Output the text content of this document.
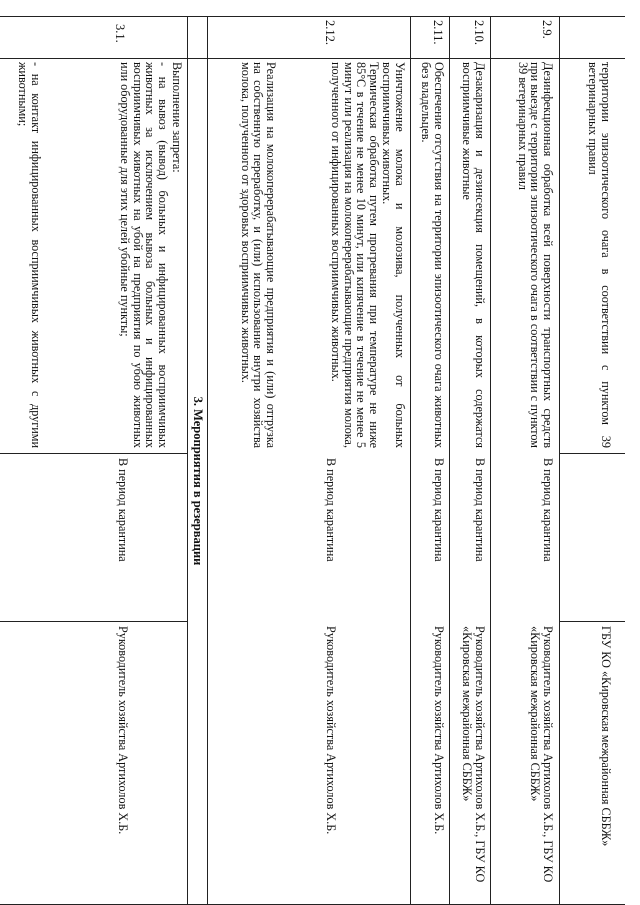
территории эпизоотического очага в соответствии с пунктом 39 ветеринарных правил
ГБУ КО «Кировская межрайонная СББЖ»
2.9.
Дезинфекционная обработка всей поверхности транспортных средств при выезде с территории эпизоотического очага в соответствии с пунктом 39 ветеринарных правил
В период карантина
Руководитель хозяйства Артихолов Х.Б., ГБУ КО «Кировская межрайонная СББЖ»
2.10.
Дезакаризация и дезинсекция помещений, в которых содержатся восприимчивые животные
В период карантина
Руководитель хозяйства Артихолов Х.Б., ГБУ КО «Кировская межрайонная СББЖ»
2.11.
Обеспечение отсутствия на территории эпизоотического очага животных без владельцев.
В период карантина
Руководитель хозяйства Артихолов Х.Б.
2.12.
Уничтожение молока и молозива, полученных от больных восприимчивых животных.
Термическая обработка путем прогревания при температуре не ниже 85°С в течение не менее 10 минут, или кипячение в течение не менее 5 минут или реализация на молокоперерабатывающие предприятия молока, полученного от инфицированных восприимчивых животных.
Реализация на молокоперерабатывающие предприятия и (или) отгрузка на собственную переработку, и (или) использование внутри хозяйства молока, полученного от здоровых восприимчивых животных.
В период карантина
Руководитель хозяйства Артихолов Х.Б.
3. Мероприятия в резервации
3.1.
Выполнение запрета:
- на вывоз (вывод) больных и инфицированных восприимчивых животных за исключением вывоза больных и инфицированных восприимчивых животных на убой на предприятия по убою животных или оборудованные для этих целей убойные пункты;
- на контакт инфицированных восприимчивых животных с другими животными;
В период карантина
Руководитель хозяйства Артихолов Х.Б.
